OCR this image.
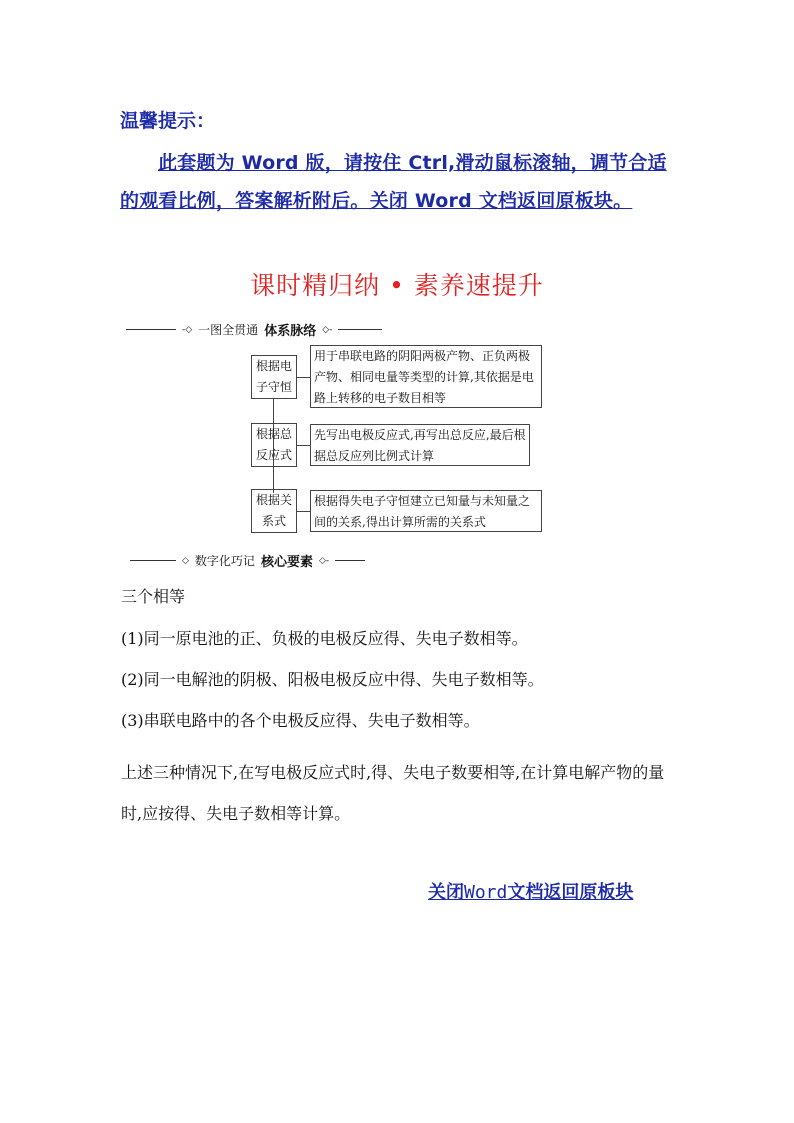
温馨提示：
此套题为 Word 版，请按住 Ctrl,滑动鼠标滚轴，调节合适的观看比例，答案解析附后。关闭 Word 文档返回原板块。
课时精归纳 • 素养速提升
-◇ 一图全贯通 体系脉络 ◇-
根据电
子守恒
用于串联电路的阴阳两极产物、正负两极产物、相同电量等类型的计算,其依据是电路上转移的电子数目相等
根据总
反应式
先写出电极反应式,再写出总反应,最后根据总反应列比例式计算
根据关
系式
根据得失电子守恒建立已知量与未知量之间的关系,得出计算所需的关系式
◇ 数字化巧记 核心要素 ◇-
三个相等
(1)同一原电池的正、负极的电极反应得、失电子数相等。
(2)同一电解池的阴极、阳极电极反应中得、失电子数相等。
(3)串联电路中的各个电极反应得、失电子数相等。
上述三种情况下,在写电极反应式时,得、失电子数要相等,在计算电解产物的量时,应按得、失电子数相等计算。
关闭Word文档返回原板块
